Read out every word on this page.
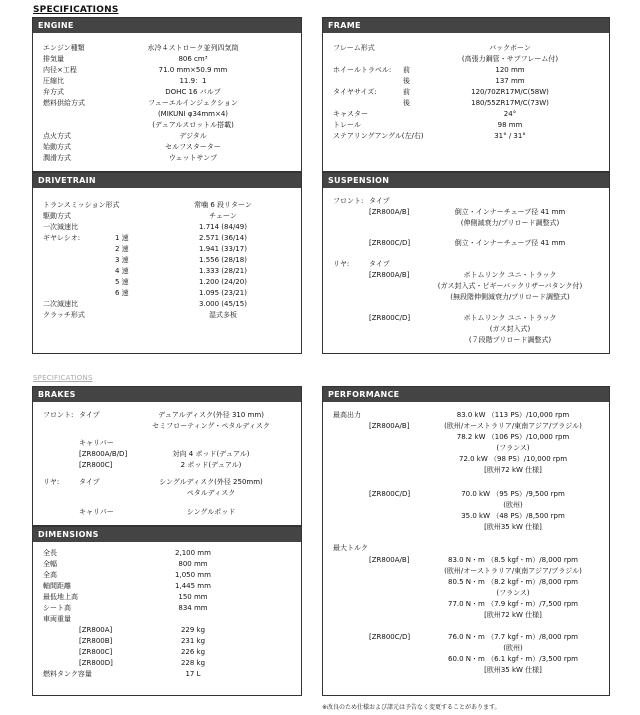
SPECIFICATIONS
SPECIFICATIONS
ENGINE
エンジン種類	水冷４ストローク並列四気筒
排気量	806 cm³
内径×工程	71.0 mm×50.9 mm
圧縮比	11.9：1
弁方式	DOHC 16 バルブ
燃料供給方式	フューエルインジェクション
(MIKUNI φ34mm×4)
(デュアルスロットル搭載)
点火方式	デジタル
始動方式	セルフスターター
潤滑方式	ウェットサンプ
FRAME
フレーム形式	バックボーン
(高張力鋼管・サブフレーム付)
ホイールトラベル: 前	120 mm
後	137 mm
タイヤサイズ:	前	120/70ZR17M/C(58W)
後	180/55ZR17M/C(73W)
キャスター	24°
トレール	98 mm
ステアリングアングル(左/右)	31° / 31°
DRIVETRAIN
トランスミッション形式	常噛 6 段リターン
駆動方式	チェーン
一次減速比	1.714 (84/49)
ギヤレシオ:	1 速	2.571 (36/14)
2 速	1.941 (33/17)
3 速	1.556 (28/18)
4 速	1.333 (28/21)
5 速	1.200 (24/20)
6 速	1.095 (23/21)
二次減速比	3.000 (45/15)
クラッチ形式	湿式多板
SUSPENSION
フロント: タイプ
[ZR800A/B]	倒立・インナーチューブ径 41 mm
(伸側減衰力/プリロード調整式)
[ZR800C/D]	倒立・インナーチューブ径 41 mm
リヤ:	タイプ
[ZR800A/B]	ボトムリンク ユニ・トラック
(ガス封入式・ピギーバックリザーバタンク付)
(無段階伸側減衰力/プリロード調整式)
[ZR800C/D]	ボトムリンク ユニ・トラック
(ガス封入式)
(７段階プリロード調整式)
BRAKES
フロント: タイプ	デュアルディスク(外径 310 mm)
セミフローティング・ペタルディスク
キャリパー
[ZR800A/B/D]	対向 4 ポッド(デュアル)
[ZR800C]	2 ポッド(デュアル)
リヤ:	タイプ	シングルディスク(外径 250mm)
ペタルディスク
キャリパー	シングルポッド
DIMENSIONS
全長	2,100 mm
全幅	800 mm
全高	1,050 mm
軸間距離	1,445 mm
最低地上高	150 mm
シート高	834 mm
車両重量
[ZR800A]	229 kg
[ZR800B]	231 kg
[ZR800C]	226 kg
[ZR800D]	228 kg
燃料タンク容量	17 L
PERFORMANCE
最高出力	83.0 kW （113 PS）/10,000 rpm
[ZR800A/B]	(欧州/オーストラリア/東南アジア/ブラジル)
78.2 kW （106 PS）/10,000 rpm
(フランス)
72.0 kW （98 PS）/10,000 rpm
[欧州72 kW 仕様]
[ZR800C/D]	70.0 kW （95 PS）/9,500 rpm
(欧州)
35.0 kW （48 PS）/8,500 rpm
[欧州35 kW 仕様]
最大トルク
[ZR800A/B]	83.0 N・m （8.5 kgf・m）/8,000 rpm
(欧州/オーストラリア/東南アジア/ブラジル)
80.5 N・m （8.2 kgf・m）/8,000 rpm
(フランス)
77.0 N・m （7.9 kgf・m）/7,500 rpm
[欧州72 kW 仕様]
[ZR800C/D]	76.0 N・m （7.7 kgf・m）/8,000 rpm
(欧州)
60.0 N・m （6.1 kgf・m）/3,500 rpm
[欧州35 kW 仕様]
※改良のため仕様および諸元は予告なく変更することがあります。
